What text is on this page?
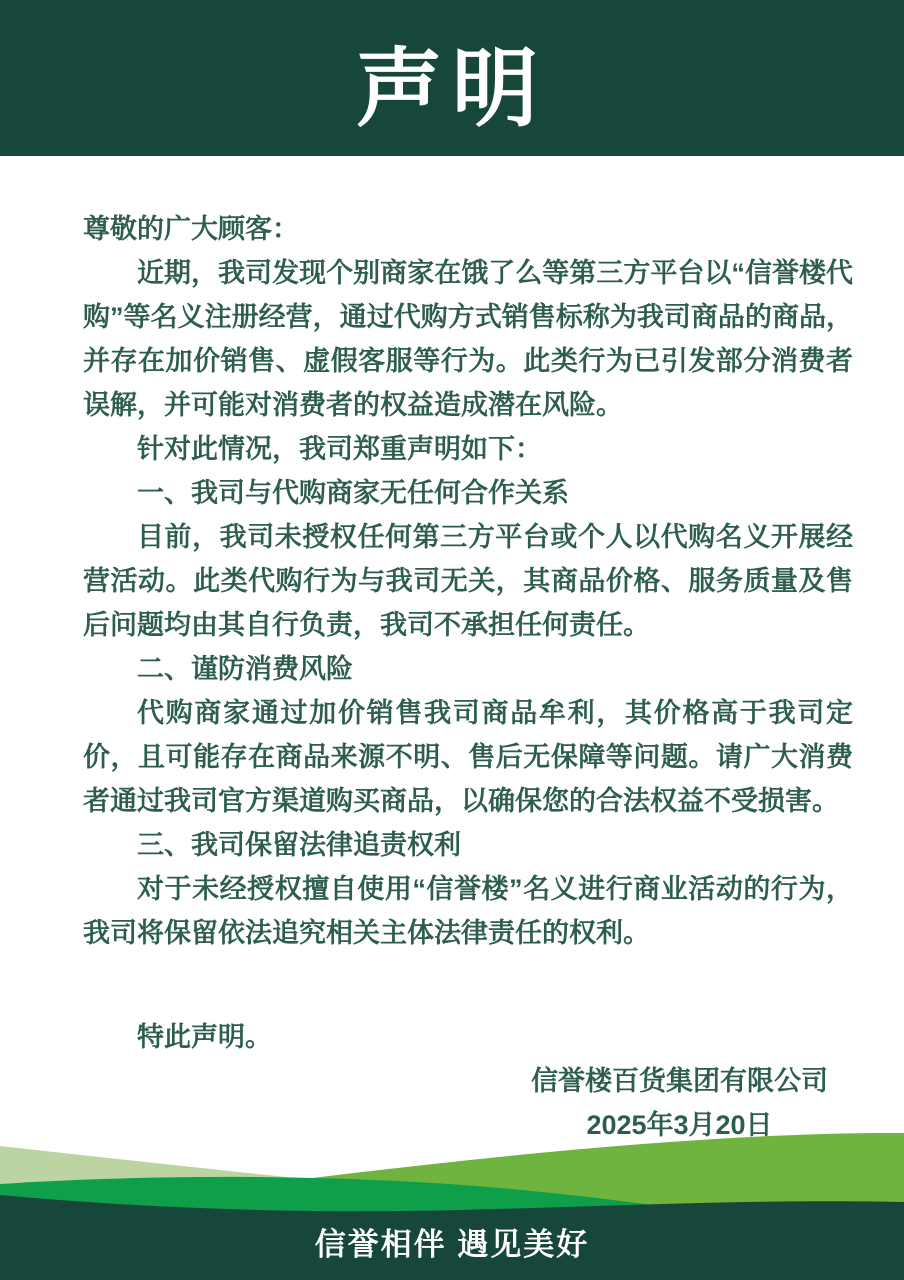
声明

尊敬的广大顾客：

近期，我司发现个别商家在饿了么等第三方平台以“信誉楼代购”等名义注册经营，通过代购方式销售标称为我司商品的商品，并存在加价销售、虚假客服等行为。此类行为已引发部分消费者误解，并可能对消费者的权益造成潜在风险。

针对此情况，我司郑重声明如下：

一、我司与代购商家无任何合作关系

目前，我司未授权任何第三方平台或个人以代购名义开展经营活动。此类代购行为与我司无关，其商品价格、服务质量及售后问题均由其自行负责，我司不承担任何责任。

二、谨防消费风险

代购商家通过加价销售我司商品牟利，其价格高于我司定价，且可能存在商品来源不明、售后无保障等问题。请广大消费者通过我司官方渠道购买商品，以确保您的合法权益不受损害。

三、我司保留法律追责权利

对于未经授权擅自使用“信誉楼”名义进行商业活动的行为，我司将保留依法追究相关主体法律责任的权利。

特此声明。

信誉楼百货集团有限公司
2025年3月20日
信誉相伴 遇见美好
